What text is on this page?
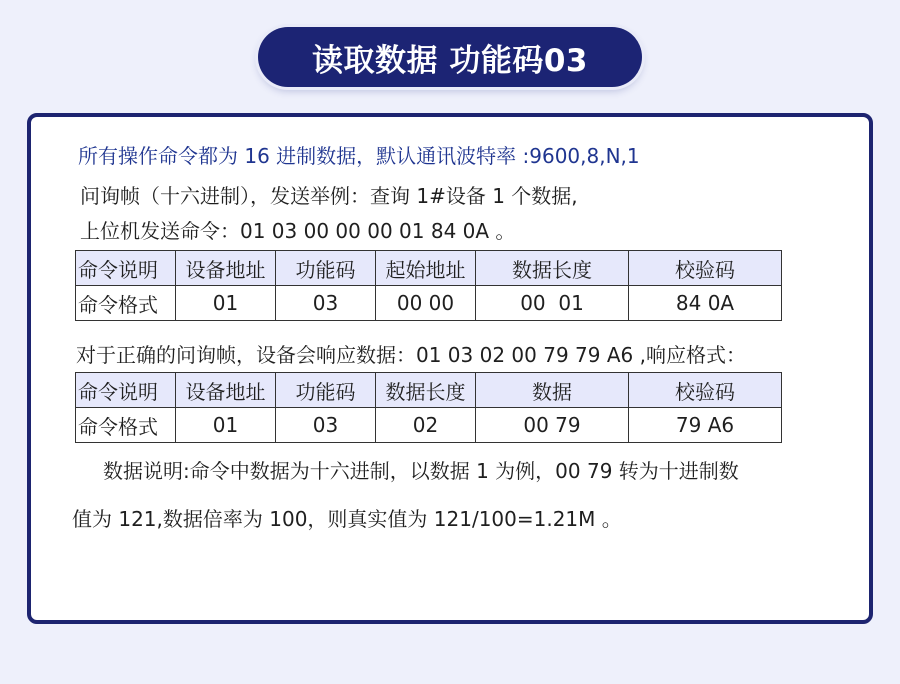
读取数据 功能码03
所有操作命令都为 16 进制数据，默认通讯波特率 :9600,8,N,1
问询帧（十六进制），发送举例：查询 1#设备 1 个数据,
上位机发送命令：01 03 00 00 00 01 84 0A 。
命令说明	设备地址	功能码	起始地址	数据长度	校验码
命令格式	01	03	00 00	00  01	84 0A
对于正确的问询帧，设备会响应数据：01 03 02 00 79 79 A6 ,响应格式：
命令说明	设备地址	功能码	数据长度	数据	校验码
命令格式	01	03	02	00 79	79 A6
数据说明:命令中数据为十六进制，以数据 1 为例，00 79 转为十进制数
值为 121,数据倍率为 100，则真实值为 121/100=1.21M 。
